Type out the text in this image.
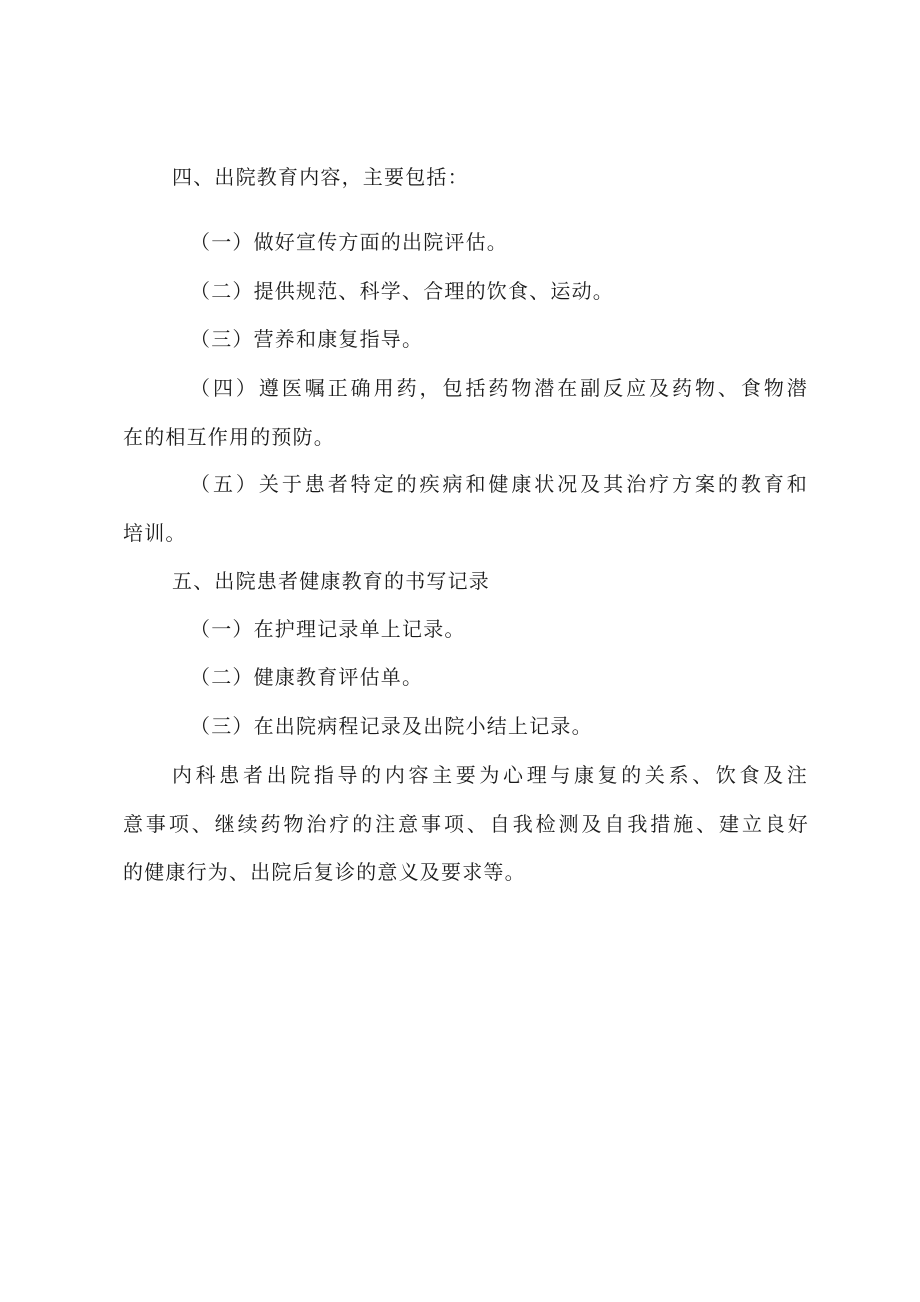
四、出院教育内容，主要包括：
（一）做好宣传方面的出院评估。
（二）提供规范、科学、合理的饮食、运动。
（三）营养和康复指导。
（四）遵医嘱正确用药，包括药物潜在副反应及药物、食物潜
在的相互作用的预防。
（五）关于患者特定的疾病和健康状况及其治疗方案的教育和
培训。
五、出院患者健康教育的书写记录
（一）在护理记录单上记录。
（二）健康教育评估单。
（三）在出院病程记录及出院小结上记录。
内科患者出院指导的内容主要为心理与康复的关系、饮食及注
意事项、继续药物治疗的注意事项、自我检测及自我措施、建立良好
的健康行为、出院后复诊的意义及要求等。
